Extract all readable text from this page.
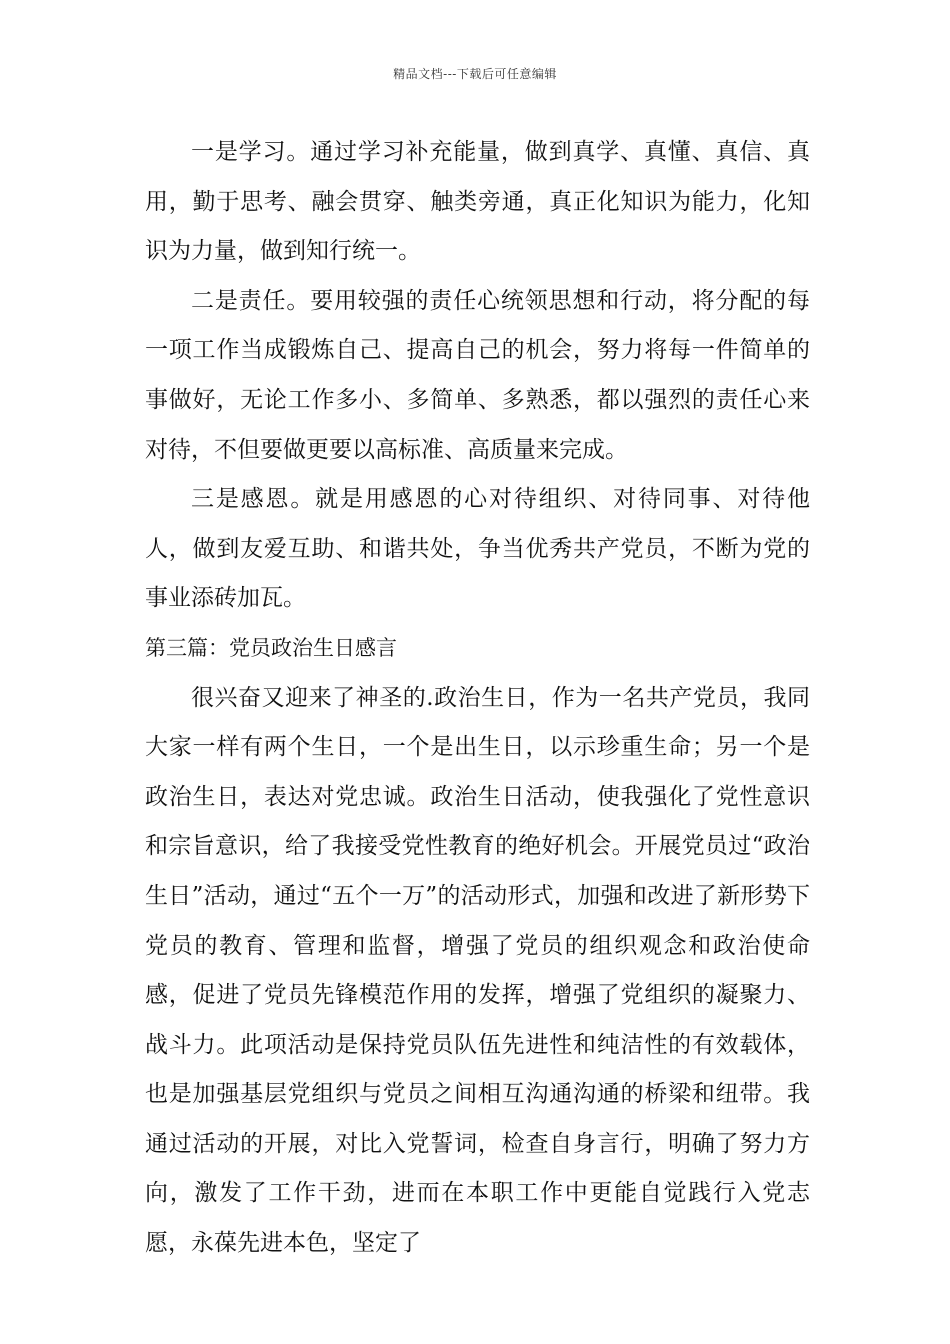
精品文档---下载后可任意编辑

一是学习。通过学习补充能量，做到真学、真懂、真信、真用，勤于思考、融会贯穿、触类旁通，真正化知识为能力，化知识为力量，做到知行统一。

二是责任。要用较强的责任心统领思想和行动，将分配的每一项工作当成锻炼自己、提高自己的机会，努力将每一件简单的事做好，无论工作多小、多简单、多熟悉，都以强烈的责任心来对待，不但要做更要以高标准、高质量来完成。

三是感恩。就是用感恩的心对待组织、对待同事、对待他人，做到友爱互助、和谐共处，争当优秀共产党员，不断为党的事业添砖加瓦。

第三篇：党员政治生日感言

很兴奋又迎来了神圣的.政治生日，作为一名共产党员，我同大家一样有两个生日，一个是出生日，以示珍重生命；另一个是政治生日，表达对党忠诚。政治生日活动，使我强化了党性意识和宗旨意识，给了我接受党性教育的绝好机会。开展党员过“政治生日”活动，通过“五个一万”的活动形式，加强和改进了新形势下党员的教育、管理和监督，增强了党员的组织观念和政治使命感，促进了党员先锋模范作用的发挥，增强了党组织的凝聚力、战斗力。此项活动是保持党员队伍先进性和纯洁性的有效载体，也是加强基层党组织与党员之间相互沟通沟通的桥梁和纽带。我通过活动的开展，对比入党誓词，检查自身言行，明确了努力方向，激发了工作干劲，进而在本职工作中更能自觉践行入党志愿，永葆先进本色，坚定了
